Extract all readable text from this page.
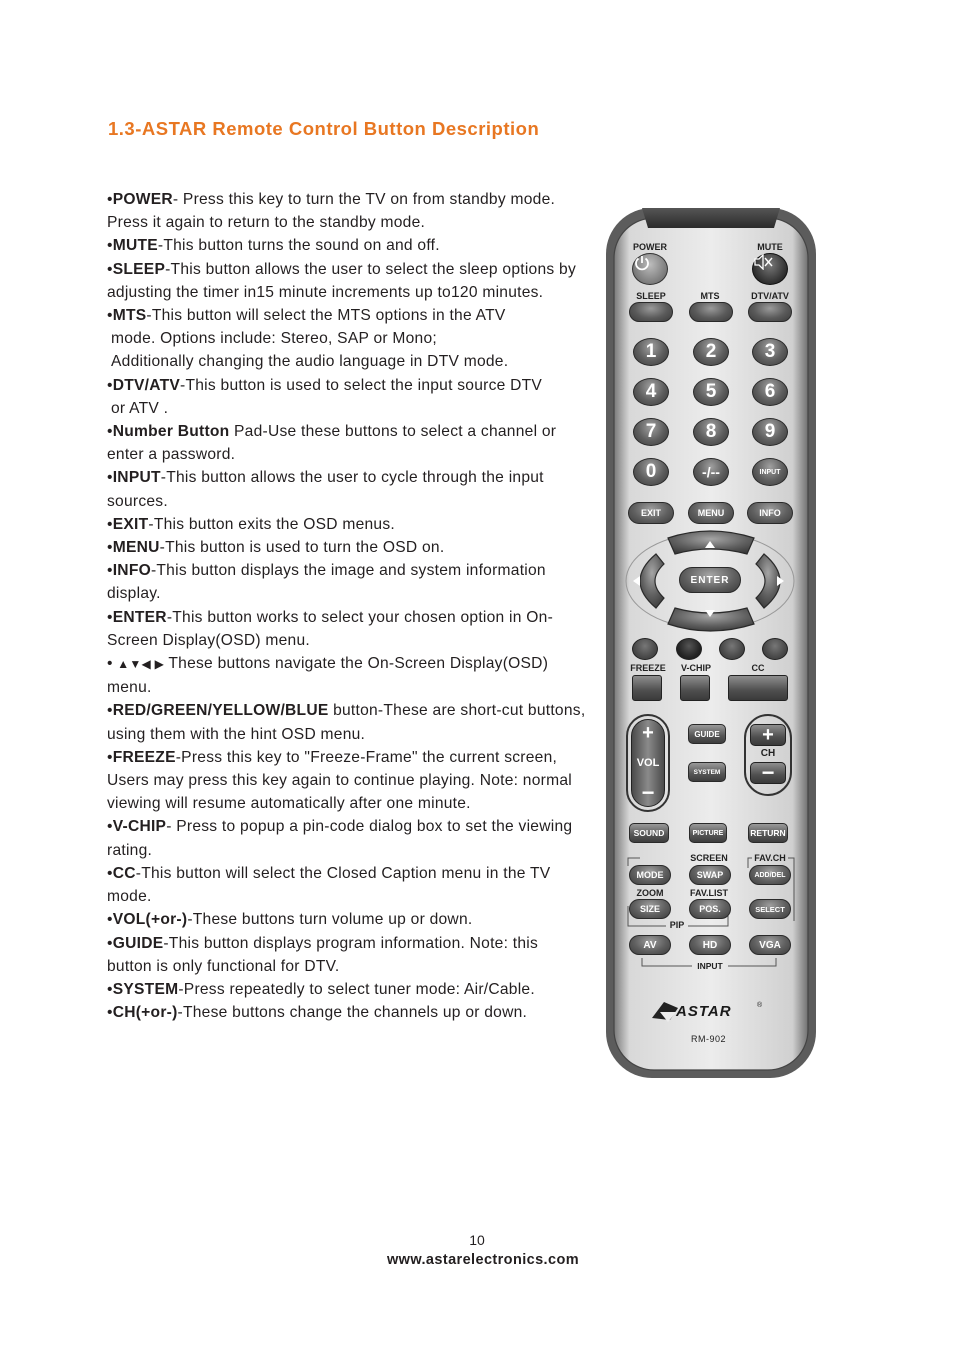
1.3-ASTAR Remote Control Button Description

•POWER- Press this key to turn the TV on from standby mode. Press it again to return to the standby mode.

•MUTE-This button turns the sound on and off.

•SLEEP-This button allows the user to select the sleep options by adjusting the timer in15 minute increments up to120 minutes.

•MTS-This button will select the MTS options in the ATV

mode. Options include: Stereo, SAP or Mono;

Additionally changing the audio language in DTV mode.

•DTV/ATV-This button is used to select the input source DTV

or ATV .

•Number Button Pad-Use these buttons to select a channel or enter a password.

•INPUT-This button allows the user to cycle through the input sources.

•EXIT-This button exits the OSD menus.

•MENU-This button is used to turn the OSD on.

•INFO-This button displays the image and system information display.

•ENTER-This button works to select your chosen option in On-Screen Display(OSD) menu.

• ▲▼◀ ▶ These buttons navigate the On-Screen Display(OSD) menu.

•RED/GREEN/YELLOW/BLUE button-These are short-cut buttons, using them with the hint OSD menu.

•FREEZE-Press this key to "Freeze-Frame" the current screen, Users may press this key again to continue playing. Note: normal viewing will resume automatically after one minute.

•V-CHIP- Press to popup a pin-code dialog box to set the viewing rating.

•CC-This button will select the Closed Caption menu in the TV mode.

•VOL(+or-)-These buttons turn volume up or down.

•GUIDE-This button displays program information. Note: this button is only functional for DTV.

•SYSTEM-Press repeatedly to select tuner mode: Air/Cable.

•CH(+or-)-These buttons change the channels up or down.

POWER	MUTE
SLEEP	MTS	DTV/ATV
1	2	3
4	5	6
7	8	9
0	-/--	INPUT
EXIT	MENU	INFO
ENTER
FREEZE V-CHIP	CC
+
VOL
−
GUIDE
SYSTEM
+
CH
−
SOUND	PICTURE	RETURN
SCREEN	FAV.CH
MODE	SWAP	ADD/DEL
ZOOM	FAV.LIST
SIZE	POS.	SELECT
PIP
AV	HD	VGA
INPUT
ASTAR	®
RM-902
10
www.astarelectronics.com
